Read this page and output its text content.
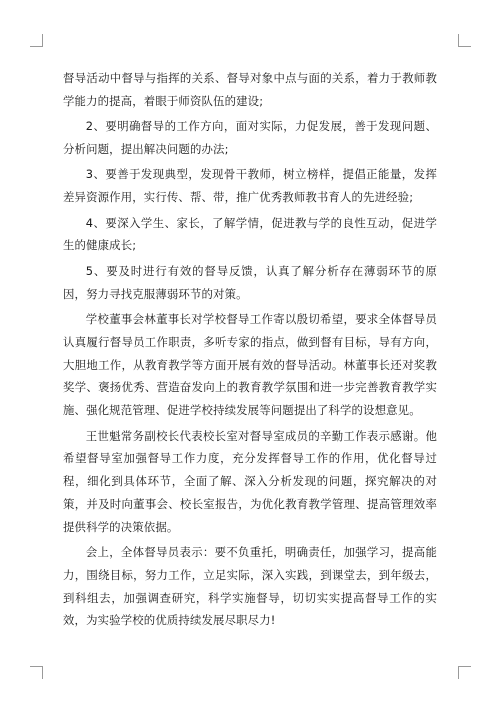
督导活动中督导与指挥的关系、督导对象中点与面的关系，着力于教师教学能力的提高，着眼于师资队伍的建设;

2、要明确督导的工作方向，面对实际，力促发展，善于发现问题、分析问题，提出解决问题的办法;

3、要善于发现典型，发现骨干教师，树立榜样，提倡正能量，发挥差异资源作用，实行传、帮、带，推广优秀教师教书育人的先进经验;

4、要深入学生、家长，了解学情，促进教与学的良性互动，促进学生的健康成长;

5、要及时进行有效的督导反馈，认真了解分析存在薄弱环节的原因，努力寻找克服薄弱环节的对策。

学校董事会林董事长对学校督导工作寄以殷切希望，要求全体督导员认真履行督导员工作职责，多听专家的指点，做到督有目标，导有方向，大胆地工作，从教育教学等方面开展有效的督导活动。林董事长还对奖教奖学、褒扬优秀、营造奋发向上的教育教学氛围和进一步完善教育教学实施、强化规范管理、促进学校持续发展等问题提出了科学的设想意见。

王世魁常务副校长代表校长室对督导室成员的辛勤工作表示感谢。他希望督导室加强督导工作力度，充分发挥督导工作的作用，优化督导过程，细化到具体环节，全面了解、深入分析发现的问题，探究解决的对策，并及时向董事会、校长室报告，为优化教育教学管理、提高管理效率提供科学的决策依据。

会上，全体督导员表示：要不负重托，明确责任，加强学习，提高能力，围绕目标，努力工作，立足实际，深入实践，到课堂去，到年级去，到科组去，加强调查研究，科学实施督导，切切实实提高督导工作的实效，为实验学校的优质持续发展尽职尽力!
